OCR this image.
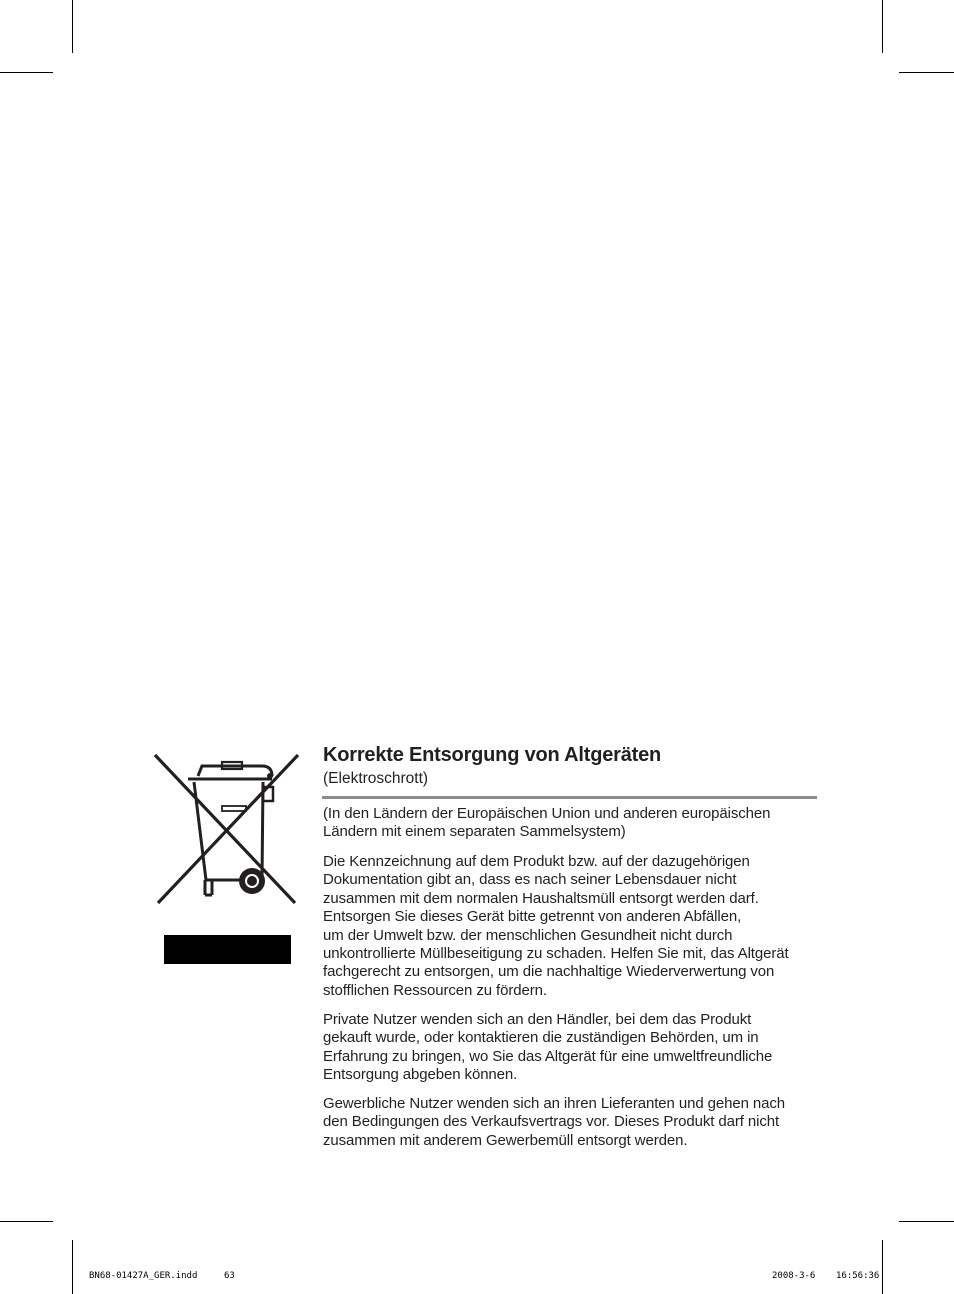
Korrekte Entsorgung von Altgeräten
(Elektroschrott)
(In den Ländern der Europäischen Union und anderen europäischen
Ländern mit einem separaten Sammelsystem)
Die Kennzeichnung auf dem Produkt bzw. auf der dazugehörigen
Dokumentation gibt an, dass es nach seiner Lebensdauer nicht
zusammen mit dem normalen Haushaltsmüll entsorgt werden darf.
Entsorgen Sie dieses Gerät bitte getrennt von anderen Abfällen,
um der Umwelt bzw. der menschlichen Gesundheit nicht durch
unkontrollierte Müllbeseitigung zu schaden. Helfen Sie mit, das Altgerät
fachgerecht zu entsorgen, um die nachhaltige Wiederverwertung von
stofflichen Ressourcen zu fördern.
Private Nutzer wenden sich an den Händler, bei dem das Produkt
gekauft wurde, oder kontaktieren die zuständigen Behörden, um in
Erfahrung zu bringen, wo Sie das Altgerät für eine umweltfreundliche
Entsorgung abgeben können.
Gewerbliche Nutzer wenden sich an ihren Lieferanten und gehen nach
den Bedingungen des Verkaufsvertrags vor. Dieses Produkt darf nicht
zusammen mit anderem Gewerbemüll entsorgt werden.
BN68-01427A_GER.indd	63	2008-3-6 16:56:36
